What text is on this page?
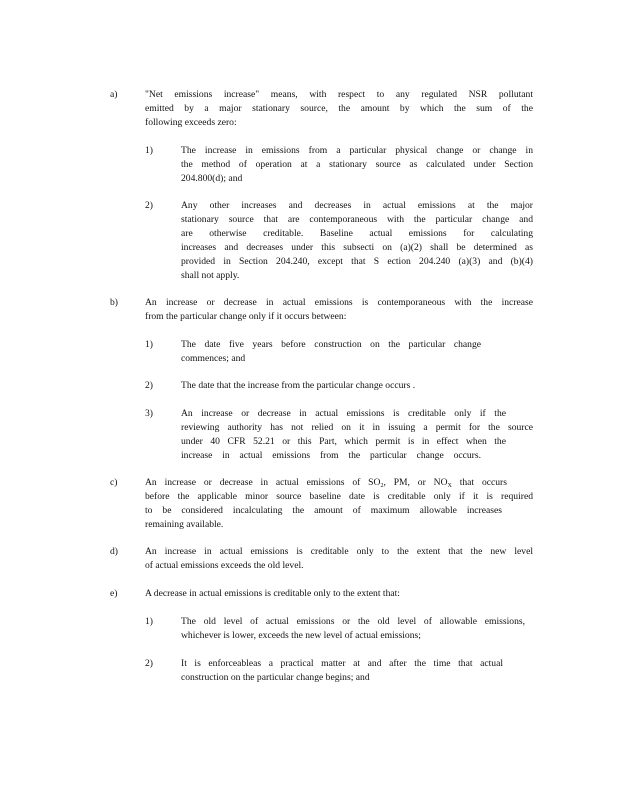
a)	"Net emissions increase" means, with respect to any regulated NSR pollutant
emitted by a major stationary source, the amount by which the sum of the
following exceeds zero:
1)	The increase in emissions from a particular physical change or change in
the method of operation at a stationary source as calculated under Section
204.800(d); and
2)	Any other increases and decreases in actual emissions at the major
stationary source that are contemporaneous with the particular change and
are otherwise creditable. Baseline actual emissions for calculating
increases and decreases under this subsecti on (a)(2) shall be determined as
provided in Section 204.240, except that S ection 204.240 (a)(3) and (b)(4)
shall not apply.
b)	An increase or decrease in actual emissions is contemporaneous with the increase
from the particular change only if it occurs between:
1)	The date five years before construction on the particular change
commences; and
2)	The date that the increase from the particular change occurs .
3)	An increase or decrease in actual emissions is creditable only if the
reviewing authority has not relied on it in issuing a permit for the source
under 40 CFR 52.21 or this Part, which permit is in effect when the
increase in actual emissions from the particular change occurs.
c)	An increase or decrease in actual emissions of $SO_2$, PM, or $NO_X$ that occurs
before the applicable minor source baseline date is creditable only if it is required
to be considered incalculating the amount of maximum allowable increases
remaining available.
d)	An increase in actual emissions is creditable only to the extent that the new level
of actual emissions exceeds the old level.
e)	A decrease in actual emissions is creditable only to the extent that:
1)	The old level of actual emissions or the old level of allowable emissions,
whichever is lower, exceeds the new level of actual emissions;
2)	It is enforceableas a practical matter at and after the time that actual
construction on the particular change begins; and
